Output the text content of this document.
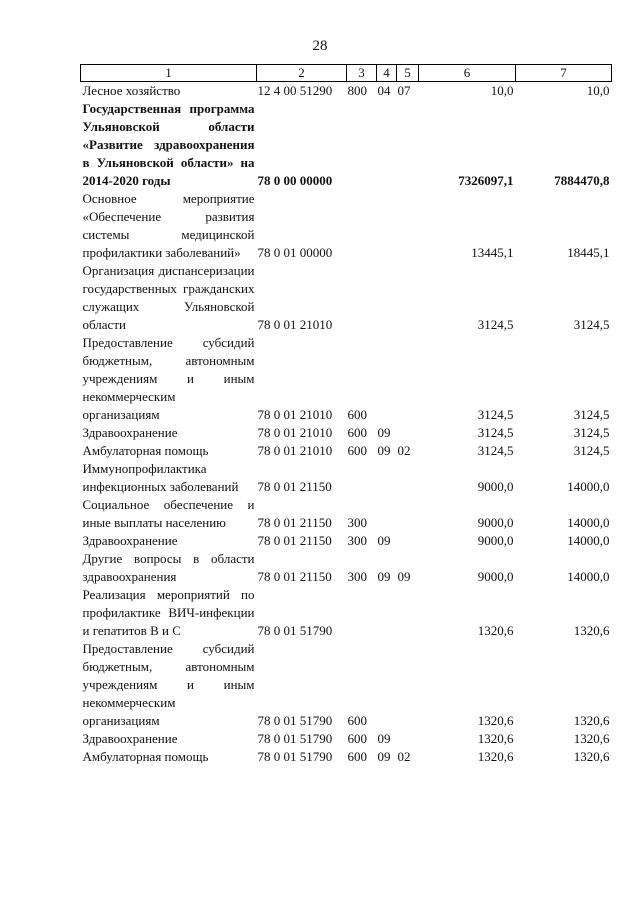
28
1	2	3	4	5	6	7
Лесное хозяйство	12 4 00 51290	800	04	07	10,0	10,0
Государственная программа Ульяновской области «Развитие здравоохранения в Ульяновской области» на 2014-2020 годы	78 0 00 00000				7326097,1	7884470,8
Основное мероприятие «Обеспечение развития системы медицинской профилактики заболеваний»	78 0 01 00000				13445,1	18445,1
Организация диспансеризации государственных гражданских служащих Ульяновской области	78 0 01 21010				3124,5	3124,5
Предоставление субсидий бюджетным, автономным учреждениям и иным некоммерческим организациям	78 0 01 21010	600			3124,5	3124,5
Здравоохранение	78 0 01 21010	600	09		3124,5	3124,5
Амбулаторная помощь	78 0 01 21010	600	09	02	3124,5	3124,5
Иммунопрофилактика инфекционных заболеваний	78 0 01 21150				9000,0	14000,0
Социальное обеспечение и иные выплаты населению	78 0 01 21150	300			9000,0	14000,0
Здравоохранение	78 0 01 21150	300	09		9000,0	14000,0
Другие вопросы в области здравоохранения	78 0 01 21150	300	09	09	9000,0	14000,0
Реализация мероприятий по профилактике ВИЧ-инфекции и гепатитов В и С	78 0 01 51790				1320,6	1320,6
Предоставление субсидий бюджетным, автономным учреждениям и иным некоммерческим организациям	78 0 01 51790	600			1320,6	1320,6
Здравоохранение	78 0 01 51790	600	09		1320,6	1320,6
Амбулаторная помощь	78 0 01 51790	600	09	02	1320,6	1320,6
